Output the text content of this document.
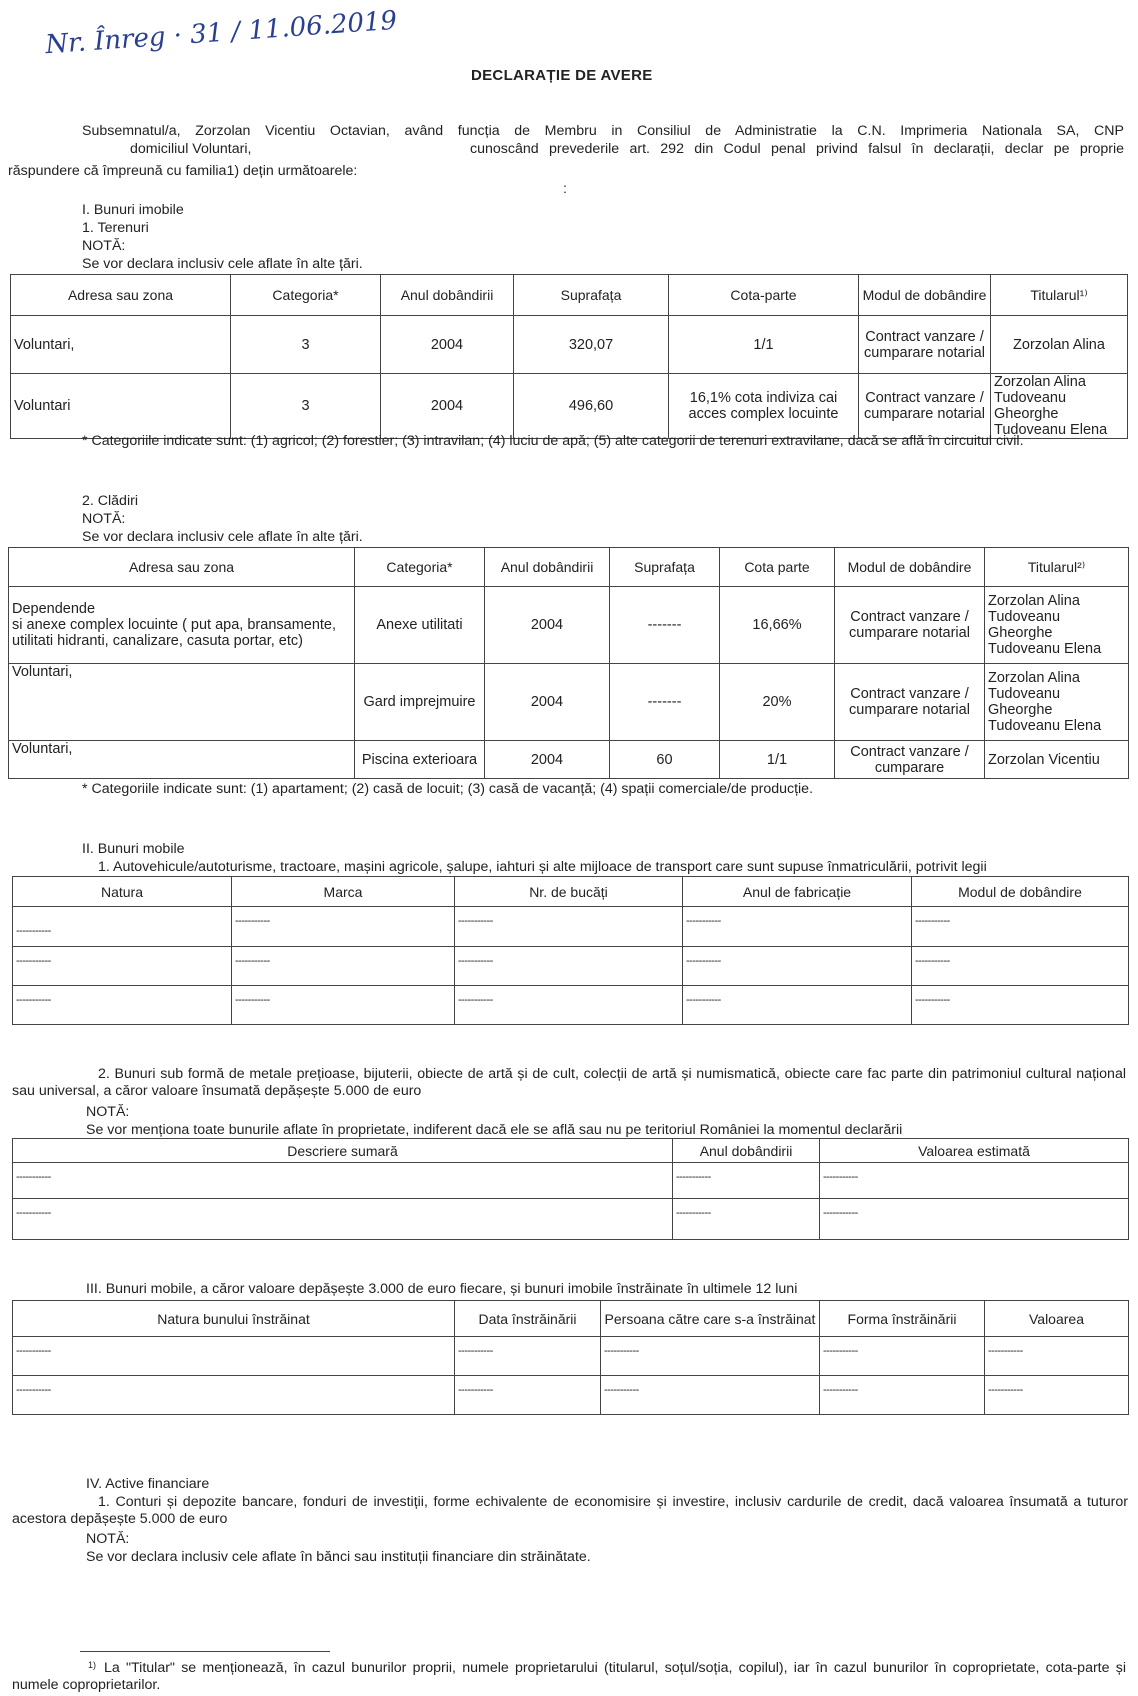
Nr. Înreg · 31 / 11.06.2019
DECLARAȚIE DE AVERE
Subsemnatul/a, Zorzolan Vicentiu Octavian, având funcția de Membru in Consiliul de Administratie la C.N. Imprimeria Nationala SA, CNP
domiciliul Voluntari,	cunoscând prevederile art. 292 din Codul penal privind falsul în declarații, declar pe proprie
răspundere că împreună cu familia1) dețin următoarele:
:
I. Bunuri imobile
1. Terenuri
NOTĂ:
Se vor declara inclusiv cele aflate în alte țări.
Adresa sau zona	Categoria*	Anul dobândirii	Suprafața	Cota-parte	Modul de dobândire	Titularul¹⁾
Voluntari,	3	2004	320,07	1/1	Contract vanzare / cumparare notarial	Zorzolan Alina
Voluntari	3	2004	496,60	16,1% cota indiviza cai acces complex locuinte	Contract vanzare / cumparare notarial	Zorzolan Alina Tudoveanu Gheorghe Tudoveanu Elena
* Categoriile indicate sunt: (1) agricol; (2) forestier; (3) intravilan; (4) luciu de apă; (5) alte categorii de terenuri extravilane, dacă se află în circuitul civil.
2. Clădiri
NOTĂ:
Se vor declara inclusiv cele aflate în alte țări.
Adresa sau zona	Categoria*	Anul dobândirii	Suprafața	Cota parte	Modul de dobândire	Titularul²⁾
Dependende
si anexe complex locuinte ( put apa, bransamente, utilitati hidranti, canalizare, casuta portar, etc)	Anexe utilitati	2004	-------	16,66%	Contract vanzare / cumparare notarial	Zorzolan Alina
Tudoveanu
Gheorghe
Tudoveanu Elena
Voluntari,	Gard imprejmuire	2004	-------	20%	Contract vanzare / cumparare notarial	Zorzolan Alina
Tudoveanu
Gheorghe
Tudoveanu Elena
Voluntari,	Piscina exterioara	2004	60	1/1	Contract vanzare / cumparare	Zorzolan Vicentiu
* Categoriile indicate sunt: (1) apartament; (2) casă de locuit; (3) casă de vacanță; (4) spații comerciale/de producție.
II. Bunuri mobile
1. Autovehicule/autoturisme, tractoare, mașini agricole, șalupe, iahturi și alte mijloace de transport care sunt supuse înmatriculării, potrivit legii
Natura	Marca	Nr. de bucăți	Anul de fabricație	Modul de dobândire
-----------	-----------	-----------	-----------	-----------
-----------	-----------	-----------	-----------	-----------
-----------	-----------	-----------	-----------	-----------
2. Bunuri sub formă de metale prețioase, bijuterii, obiecte de artă și de cult, colecții de artă și numismatică, obiecte care fac parte din patrimoniul cultural național sau universal, a căror valoare însumată depășește 5.000 de euro
NOTĂ:
Se vor menționa toate bunurile aflate în proprietate, indiferent dacă ele se află sau nu pe teritoriul României la momentul declarării
Descriere sumară	Anul dobândirii	Valoarea estimată
-----------	-----------	-----------
-----------	-----------	-----------
III. Bunuri mobile, a căror valoare depășește 3.000 de euro fiecare, și bunuri imobile înstrăinate în ultimele 12 luni
Natura bunului înstrăinat	Data înstrăinării	Persoana către care s-a înstrăinat	Forma înstrăinării	Valoarea
-----------	-----------	-----------	-----------	-----------
-----------	-----------	-----------	-----------	-----------
IV. Active financiare
1. Conturi și depozite bancare, fonduri de investiții, forme echivalente de economisire și investire, inclusiv cardurile de credit, dacă valoarea însumată a tuturor acestora depășește 5.000 de euro
NOTĂ:
Se vor declara inclusiv cele aflate în bănci sau instituții financiare din străinătate.
1) La "Titular" se menționează, în cazul bunurilor proprii, numele proprietarului (titularul, soțul/soția, copilul), iar în cazul bunurilor în coproprietate, cota-parte și numele coproprietarilor.
